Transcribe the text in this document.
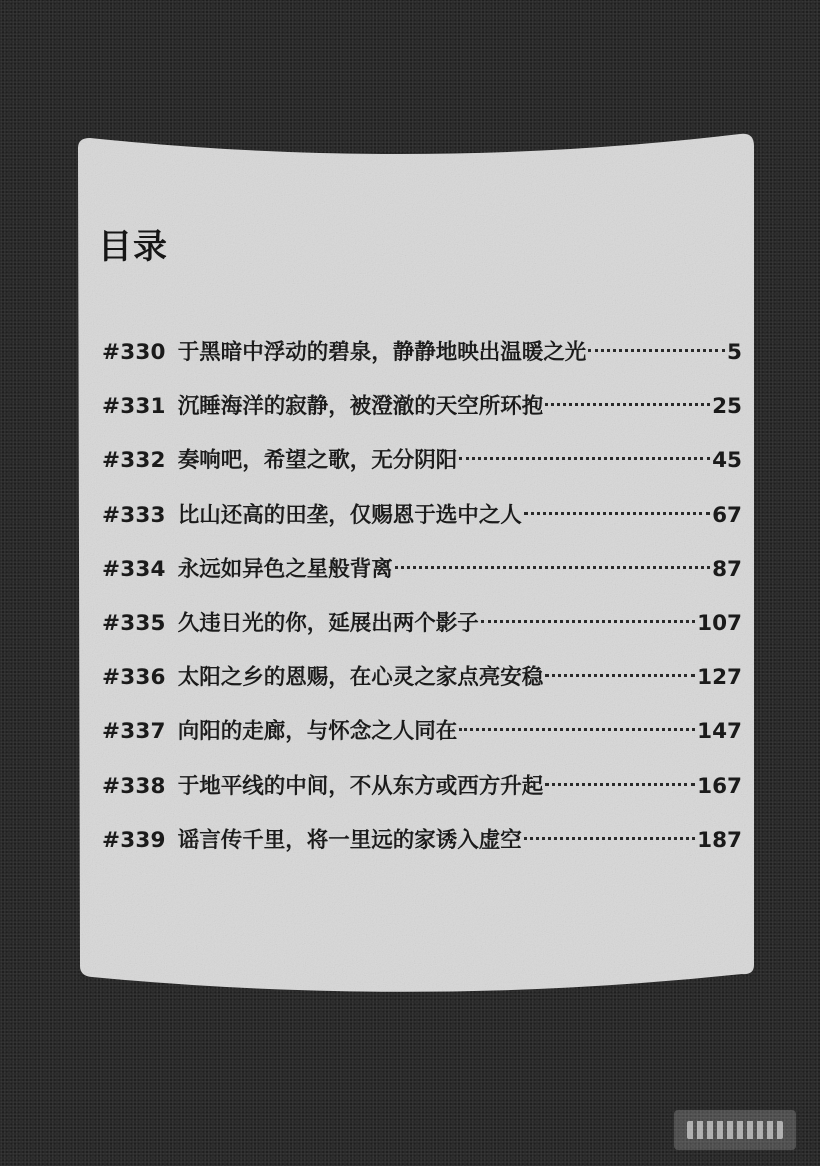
目录
#330 于黑暗中浮动的碧泉，静静地映出温暖之光	5
#331 沉睡海洋的寂静，被澄澈的天空所环抱	25
#332 奏响吧，希望之歌，无分阴阳	45
#333 比山还高的田垄，仅赐恩于选中之人	67
#334 永远如异色之星般背离	87
#335 久违日光的你，延展出两个影子	107
#336 太阳之乡的恩赐，在心灵之家点亮安稳	127
#337 向阳的走廊，与怀念之人同在	147
#338 于地平线的中间，不从东方或西方升起	167
#339 谣言传千里，将一里远的家诱入虚空	187
